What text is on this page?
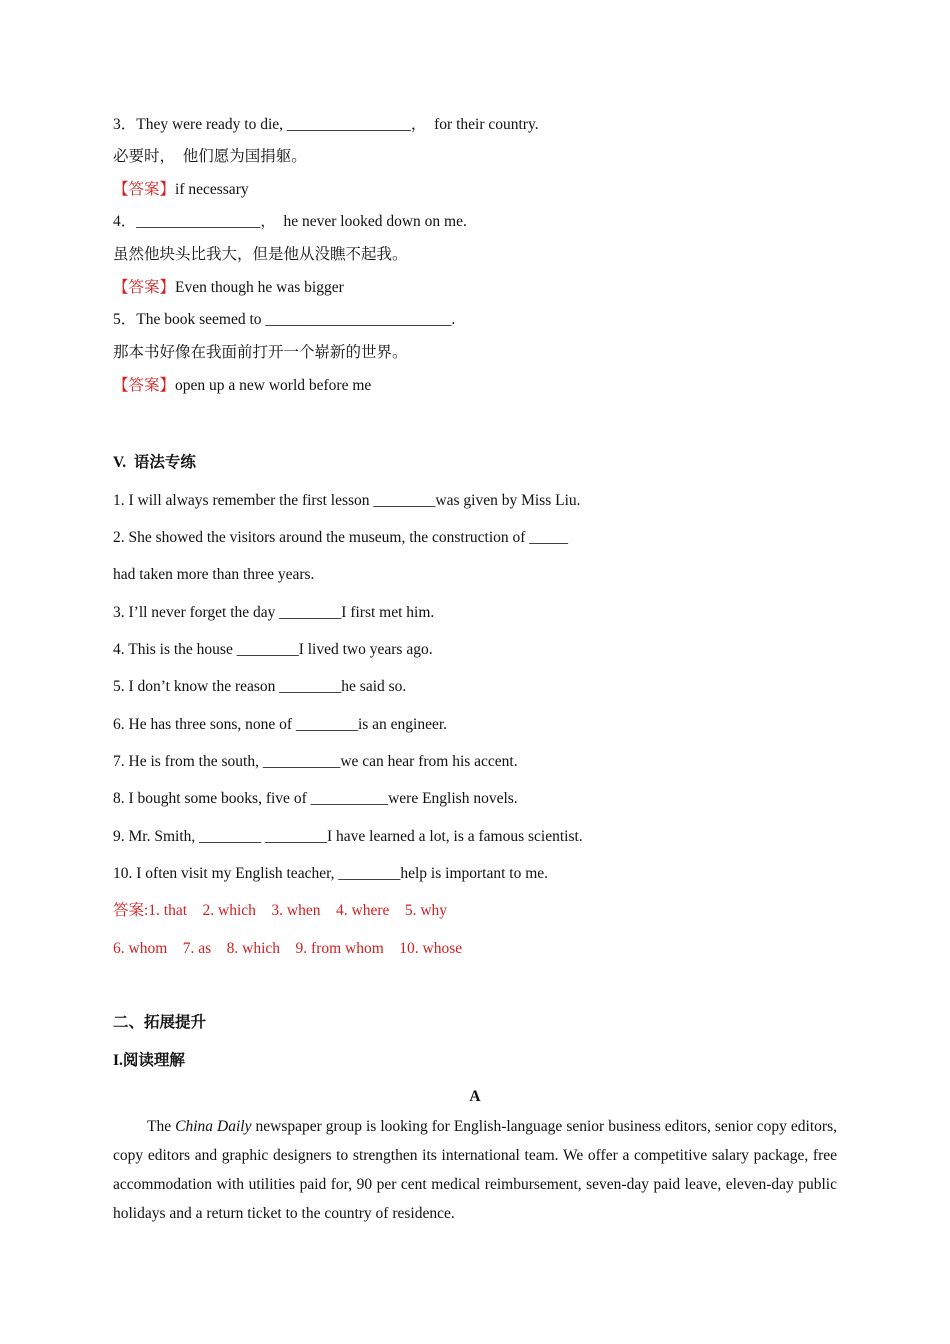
3．They were ready to die, ________________，  for their country.
必要时，  他们愿为国捐躯。
【答案】if necessary
4．________________，  he never looked down on me.
虽然他块头比我大，但是他从没瞧不起我。
【答案】Even though he was bigger
5．The book seemed to ________________________.
那本书好像在我面前打开一个崭新的世界。
【答案】open up a new world before me
V.  语法专练
1. I will always remember the first lesson ________was given by Miss Liu.
2. She showed the visitors around the museum, the construction of _____
had taken more than three years.
3. I’ll never forget the day ________I first met him.
4. This is the house ________I lived two years ago.
5. I don’t know the reason ________he said so.
6. He has three sons, none of ________is an engineer.
7. He is from the south, __________we can hear from his accent.
8. I bought some books, five of __________were English novels.
9. Mr. Smith, ________ ________I have learned a lot, is a famous scientist.
10. I often visit my English teacher, ________help is important to me.
答案:1. that    2. which    3. when    4. where    5. why
6. whom    7. as    8. which    9. from whom    10. whose
二、拓展提升
I.阅读理解
A
The China Daily newspaper group is looking for English-language senior business editors, senior copy editors, copy editors and graphic designers to strengthen its international team. We offer a competitive salary package, free accommodation with utilities paid for, 90 per cent medical reimbursement, seven-day paid leave, eleven-day public holidays and a return ticket to the country of residence.
